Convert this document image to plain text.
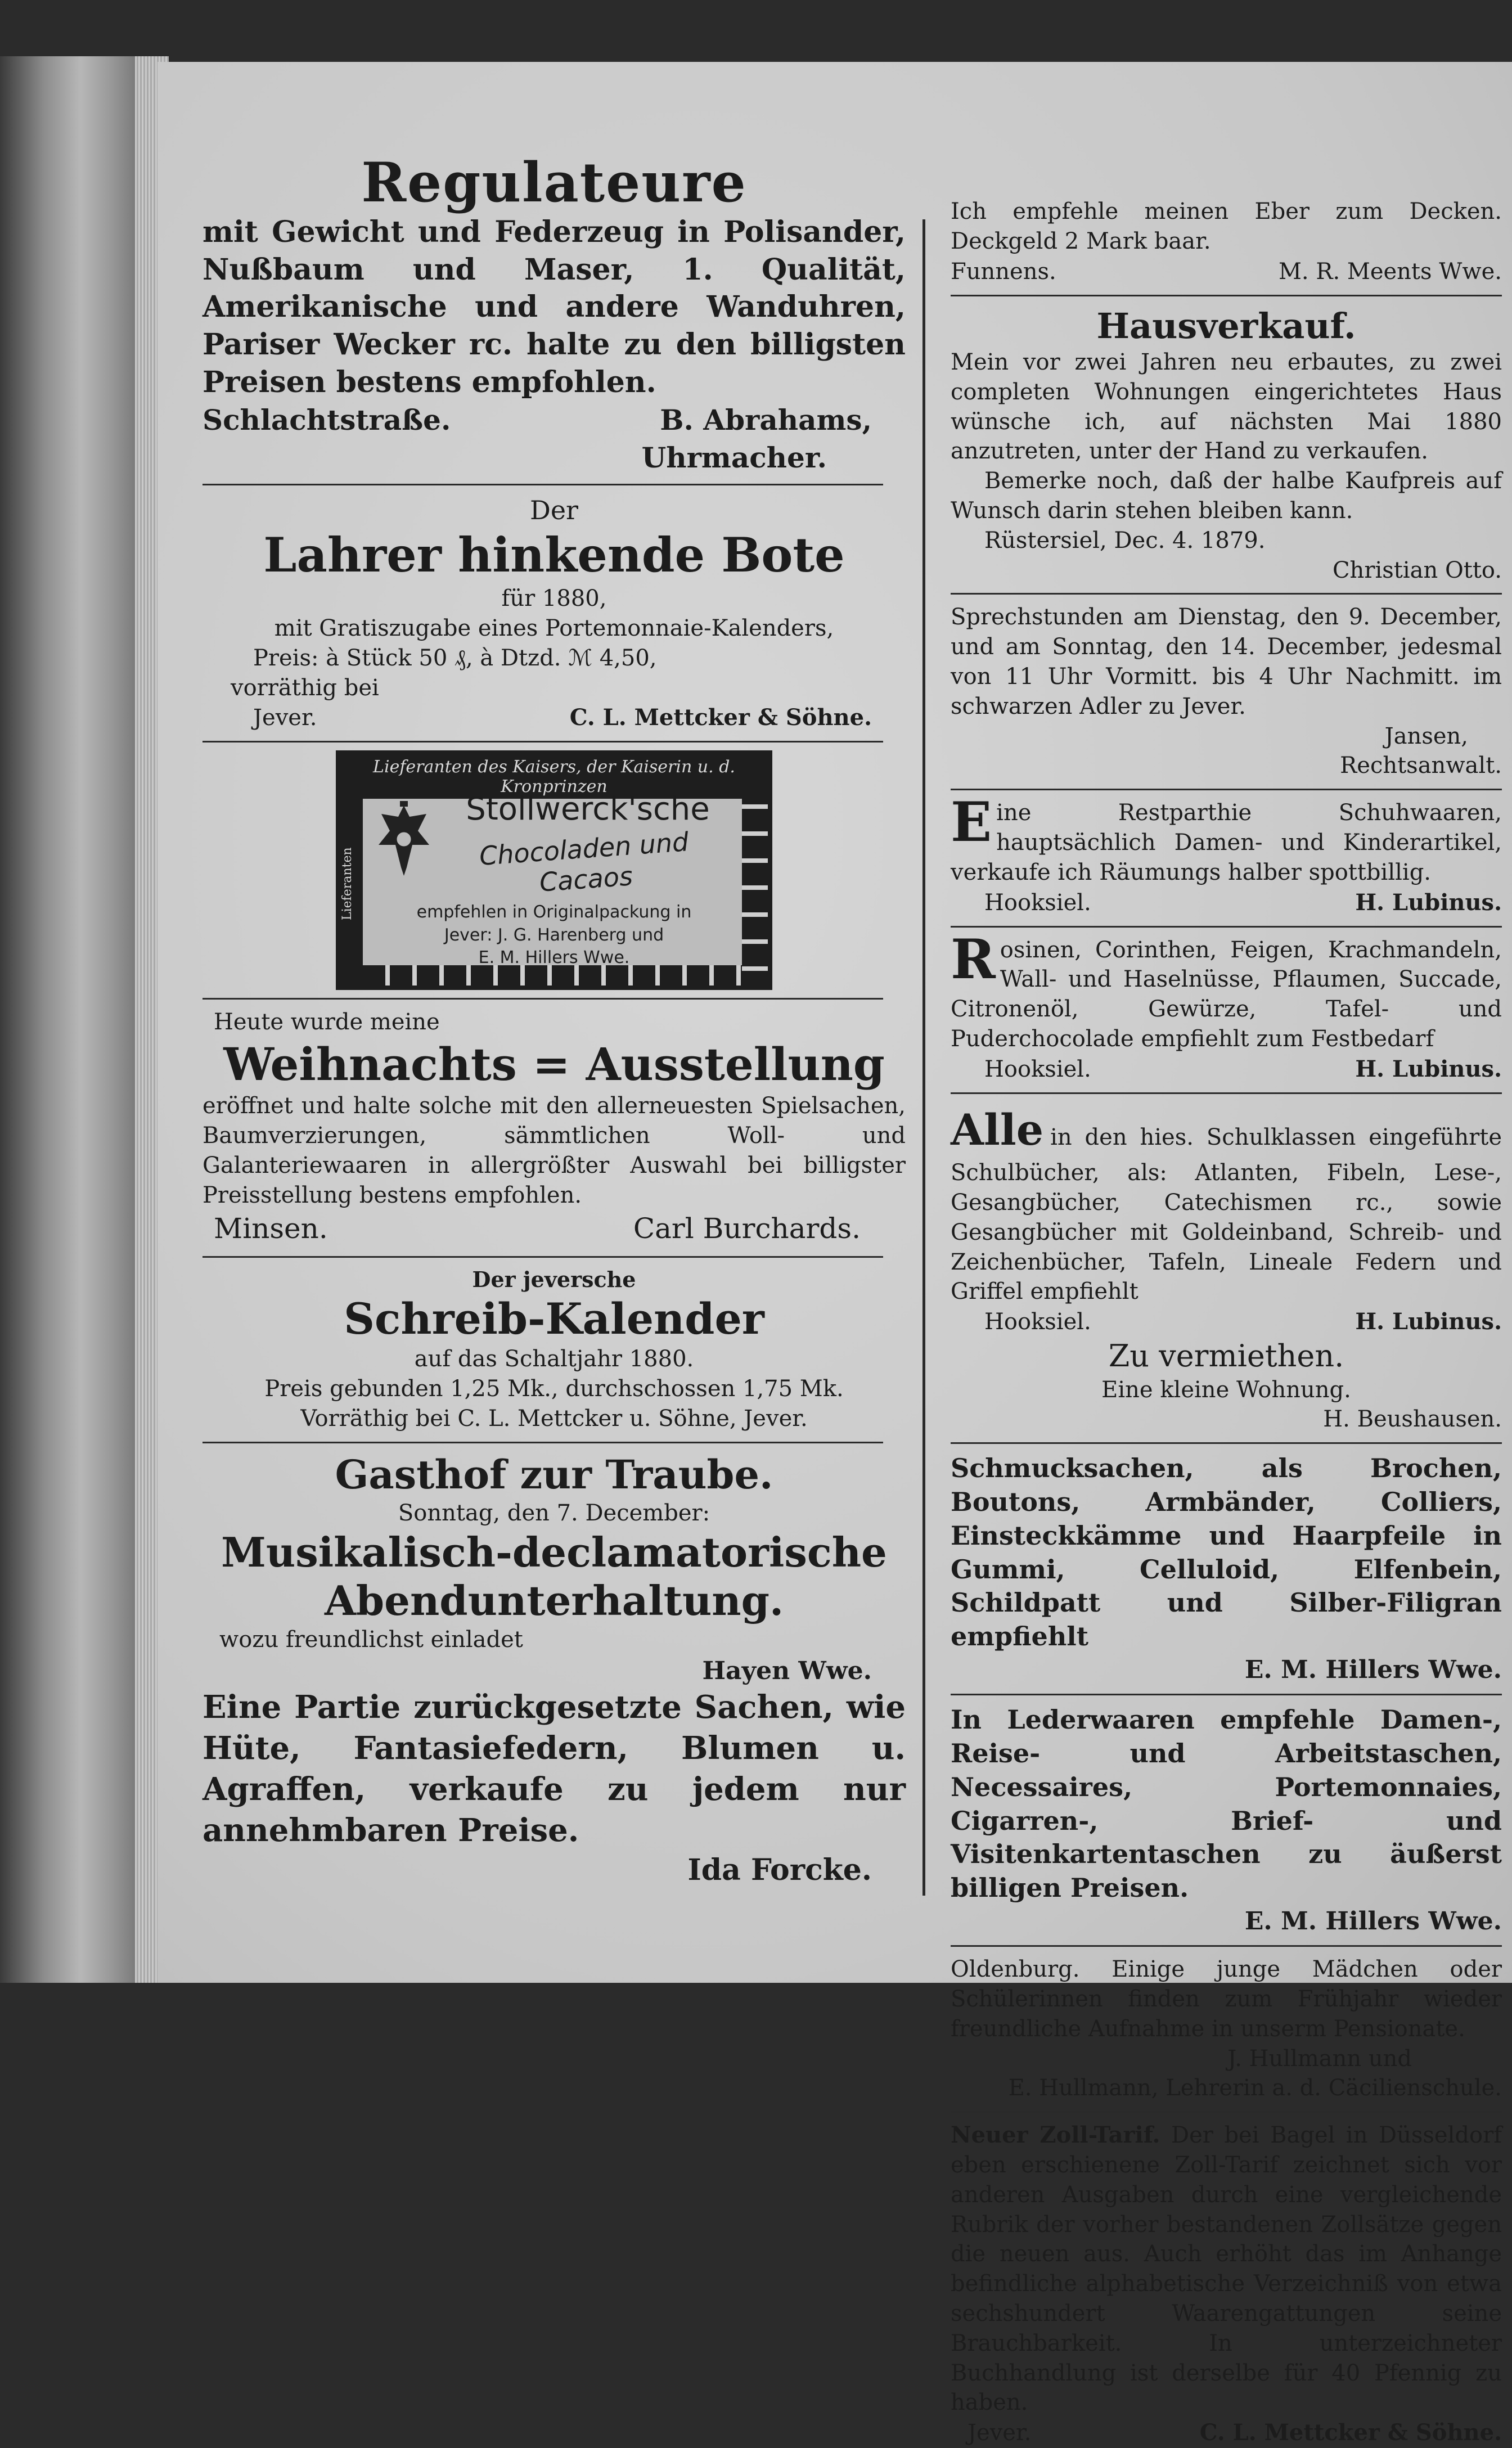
Regulateure
mit Gewicht und Federzeug in Polisander, Nußbaum und Maser, 1. Qualität, Amerikanische und andere Wanduhren, Pariser Wecker rc. halte zu den billigsten Preisen bestens empfohlen.
Schlachtstraße.	B. Abrahams,
Uhrmacher.
Der
Lahrer hinkende Bote
für 1880,
mit Gratiszugabe eines Portemonnaie-Kalenders,
Preis: à Stück 50 ₰, à Dtzd. ℳ 4,50,
vorräthig bei
Jever.	C. L. Mettcker & Söhne.
Lieferanten des Kaisers, der Kaiserin u. d. Kronprinzen
Lieferanten
Stollwerck'sche
Chocoladen und Cacaos
empfehlen in Originalpackung in
Jever: J. G. Harenberg und
E. M. Hillers Wwe.
Heute wurde meine
Weihnachts = Ausstellung
eröffnet und halte solche mit den allerneuesten Spielsachen, Baumverzierungen, sämmtlichen Woll- und Galanteriewaaren in allergrößter Auswahl bei billigster Preisstellung bestens empfohlen.
Minsen.	Carl Burchards.
Der jeversche
Schreib-Kalender
auf das Schaltjahr 1880.
Preis gebunden 1,25 Mk., durchschossen 1,75 Mk.
Vorräthig bei C. L. Mettcker u. Söhne, Jever.
Gasthof zur Traube.
Sonntag, den 7. December:
Musikalisch-declamatorische
Abendunterhaltung.
wozu freundlichst einladet
Hayen Wwe.
Eine Partie zurückgesetzte Sachen, wie Hüte, Fantasiefedern, Blumen u. Agraffen, verkaufe zu jedem nur annehmbaren Preise.
Ida Forcke.
Ich empfehle meinen Eber zum Decken. Deckgeld 2 Mark baar.
Funnens.	M. R. Meents Wwe.
Hausverkauf.
Mein vor zwei Jahren neu erbautes, zu zwei completen Wohnungen eingerichtetes Haus wünsche ich, auf nächsten Mai 1880 anzutreten, unter der Hand zu verkaufen.
Bemerke noch, daß der halbe Kaufpreis auf Wunsch darin stehen bleiben kann.
Rüstersiel, Dec. 4. 1879.
Christian Otto.
Sprechstunden am Dienstag, den 9. December, und am Sonntag, den 14. December, jedesmal von 11 Uhr Vormitt. bis 4 Uhr Nachmitt. im schwarzen Adler zu Jever.
Jansen,
Rechtsanwalt.
Eine Restparthie Schuhwaaren, hauptsächlich Damen- und Kinderartikel, verkaufe ich Räumungs halber spottbillig.
Hooksiel.	H. Lubinus.
Rosinen, Corinthen, Feigen, Krachmandeln, Wall- und Haselnüsse, Pflaumen, Succade, Citronenöl, Gewürze, Tafel- und Puderchocolade empfiehlt zum Festbedarf
Hooksiel.	H. Lubinus.
Alle in den hies. Schulklassen eingeführte Schulbücher, als: Atlanten, Fibeln, Lese-, Gesangbücher, Catechismen rc., sowie Gesangbücher mit Goldeinband, Schreib- und Zeichenbücher, Tafeln, Lineale Federn und Griffel empfiehlt
Hooksiel.	H. Lubinus.
Zu vermiethen.
Eine kleine Wohnung.
H. Beushausen.
Schmucksachen, als Brochen, Boutons, Armbänder, Colliers, Einsteckkämme und Haarpfeile in Gummi, Celluloid, Elfenbein, Schildpatt und Silber-Filigran empfiehlt
E. M. Hillers Wwe.
In Lederwaaren empfehle Damen-, Reise- und Arbeitstaschen, Necessaires, Portemonnaies, Cigarren-, Brief- und Visitenkartentaschen zu äußerst billigen Preisen.
E. M. Hillers Wwe.
Oldenburg. Einige junge Mädchen oder Schülerinnen finden zum Frühjahr wieder freundliche Aufnahme in unserm Pensionate.
J. Hullmann und
E. Hullmann, Lehrerin a. d. Cäcilienschule.
Neuer Zoll-Tarif. Der bei Bagel in Düsseldorf eben erschienene Zoll-Tarif zeichnet sich vor anderen Ausgaben durch eine vergleichende Rubrik der vorher bestandenen Zollsätze gegen die neuen aus. Auch erhöht das im Anhange befindliche alphabetische Verzeichniß von etwa sechshundert Waarengattungen seine Brauchbarkeit. In unterzeichneter Buchhandlung ist derselbe für 40 Pfennig zu haben.
Jever.	C. L. Mettcker & Söhne.
